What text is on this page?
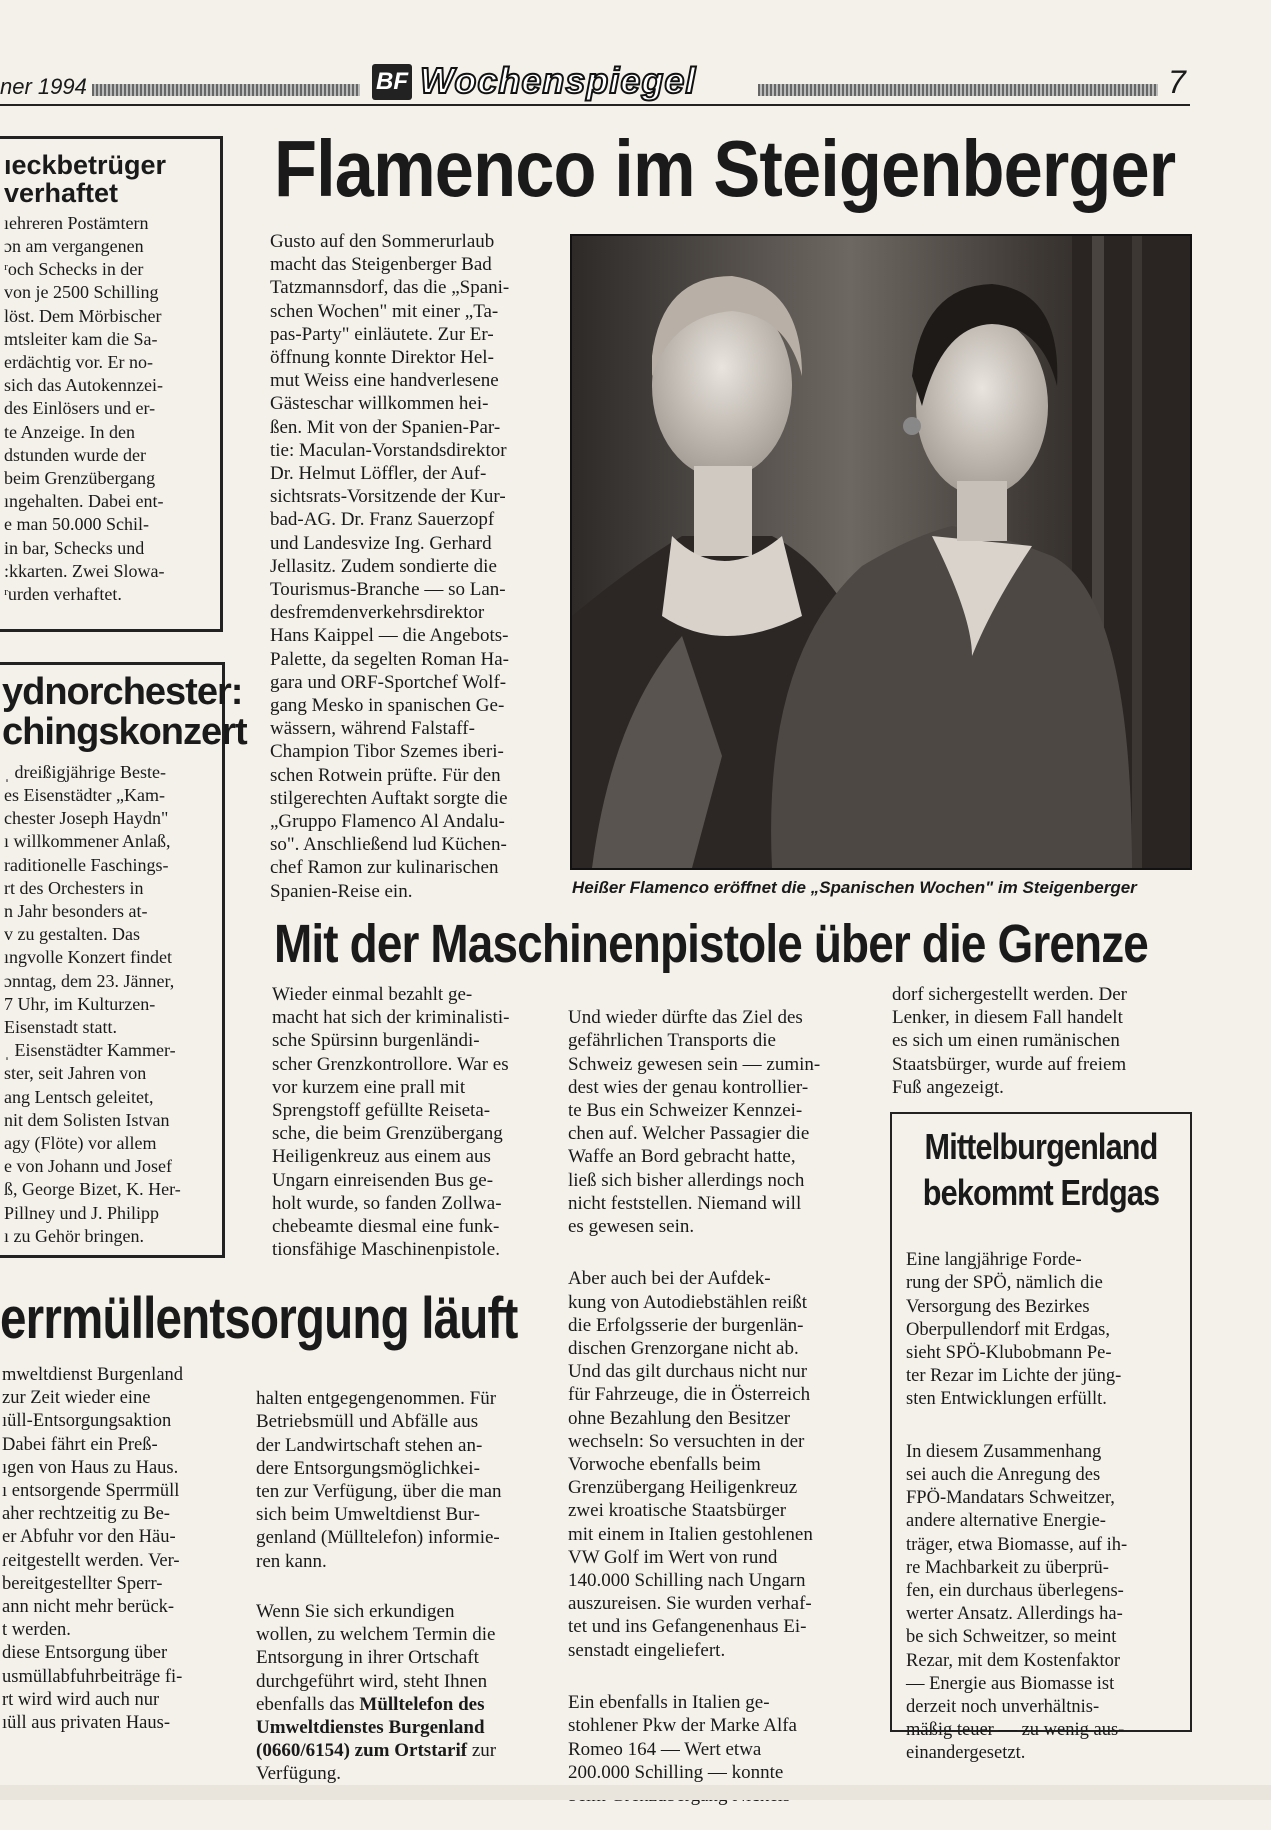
ner 1994	BF Wochenspiegel	7
ıeckbetrüger
verhaftet

ıehreren Postämtern
ɔn am vergangenen
ʳoch Schecks in der
von je 2500 Schilling
löst. Dem Mörbischer
mtsleiter kam die Sa-
erdächtig vor. Er no-
sich das Autokennzei-
des Einlösers und er-
te Anzeige. In den
dstunden wurde der
beim Grenzübergang
ıngehalten. Dabei ent-
e man 50.000 Schil-
in bar, Schecks und
:kkarten. Zwei Slowa-
ʳurden verhaftet.

ydnorchester:
chingskonzert

ˌ dreißigjährige Beste-
es Eisenstädter „Kam-
chester Joseph Haydn"
ı willkommener Anlaß,
raditionelle Faschings-
rt des Orchesters in
n Jahr besonders at-
v zu gestalten. Das
ıngvolle Konzert findet
ɔnntag, dem 23. Jänner,
7 Uhr, im Kulturzen-
Eisenstadt statt.
ˌ Eisenstädter Kammer-
ster, seit Jahren von
ang Lentsch geleitet,
nit dem Solisten Istvan
agy (Flöte) vor allem
e von Johann und Josef
ß, George Bizet, K. Her-
Pillney und J. Philipp
ı zu Gehör bringen.

Flamenco im Steigenberger
Gusto auf den Sommerurlaub
macht das Steigenberger Bad
Tatzmannsdorf, das die „Spani-
schen Wochen" mit einer „Ta-
pas-Party" einläutete. Zur Er-
öffnung konnte Direktor Hel-
mut Weiss eine handverlesene
Gästeschar willkommen hei-
ßen. Mit von der Spanien-Par-
tie: Maculan-Vorstandsdirektor
Dr. Helmut Löffler, der Auf-
sichtsrats-Vorsitzende der Kur-
bad-AG. Dr. Franz Sauerzopf
und Landesvize Ing. Gerhard
Jellasitz. Zudem sondierte die
Tourismus-Branche — so Lan-
desfremdenverkehrsdirektor
Hans Kaippel — die Angebots-
Palette, da segelten Roman Ha-
gara und ORF-Sportchef Wolf-
gang Mesko in spanischen Ge-
wässern, während Falstaff-
Champion Tibor Szemes iberi-
schen Rotwein prüfte. Für den
stilgerechten Auftakt sorgte die
„Gruppo Flamenco Al Andalu-
so". Anschließend lud Küchen-
chef Ramon zur kulinarischen
Spanien-Reise ein.	Heißer Flamenco eröffnet die „Spanischen Wochen" im Steigenberger
Mit der Maschinenpistole über die Grenze
Wieder einmal bezahlt ge-
macht hat sich der kriminalisti-
sche Spürsinn burgenländi-
scher Grenzkontrollore. War es
vor kurzem eine prall mit
Sprengstoff gefüllte Reiseta-
sche, die beim Grenzübergang
Heiligenkreuz aus einem aus
Ungarn einreisenden Bus ge-
holt wurde, so fanden Zollwa-
chebeamte diesmal eine funk-
tionsfähige Maschinenpistole.

Und wieder dürfte das Ziel des
gefährlichen Transports die
Schweiz gewesen sein — zumin-
dest wies der genau kontrollier-
te Bus ein Schweizer Kennzei-
chen auf. Welcher Passagier die
Waffe an Bord gebracht hatte,
ließ sich bisher allerdings noch
nicht feststellen. Niemand will
es gewesen sein.

Aber auch bei der Aufdek-
kung von Autodiebstählen reißt
die Erfolgsserie der burgenlän-
dischen Grenzorgane nicht ab.
Und das gilt durchaus nicht nur
für Fahrzeuge, die in Österreich
ohne Bezahlung den Besitzer
wechseln: So versuchten in der
Vorwoche ebenfalls beim
Grenzübergang Heiligenkreuz
zwei kroatische Staatsbürger
mit einem in Italien gestohlenen
VW Golf im Wert von rund
140.000 Schilling nach Ungarn
auszureisen. Sie wurden verhaf-
tet und ins Gefangenenhaus Ei-
senstadt eingeliefert.

Ein ebenfalls in Italien ge-
stohlener Pkw der Marke Alfa
Romeo 164 — Wert etwa
200.000 Schilling — konnte

dorf sichergestellt werden. Der
Lenker, in diesem Fall handelt
es sich um einen rumänischen
Staatsbürger, wurde auf freiem
Fuß angezeigt.
Mittelburgenland
bekommt Erdgas

Eine langjährige Forde-
rung der SPÖ, nämlich die
Versorgung des Bezirkes
Oberpullendorf mit Erdgas,
sieht SPÖ-Klubobmann Pe-
ter Rezar im Lichte der jüng-
sten Entwicklungen erfüllt.

In diesem Zusammenhang
sei auch die Anregung des
FPÖ-Mandatars Schweitzer,
andere alternative Energie-
träger, etwa Biomasse, auf ih-
re Machbarkeit zu überprü-
fen, ein durchaus überlegens-
werter Ansatz. Allerdings ha-
be sich Schweitzer, so meint
Rezar, mit dem Kostenfaktor
— Energie aus Biomasse ist
derzeit noch unverhältnis-
mäßig teuer — zu wenig aus-
einandergesetzt.

errmüllentsorgung läuft
mweltdienst Burgenland
zur Zeit wieder eine
ıüll-Entsorgungsaktion
Dabei fährt ein Preß-
ıgen von Haus zu Haus.
ı entsorgende Sperrmüll
aher rechtzeitig zu Be-
er Abfuhr vor den Häu-
ɾeitgestellt werden. Ver-
bereitgestellter Sperr-
ann nicht mehr berück-
t werden.
diese Entsorgung über
usmüllabfuhrbeiträge fi-
rt wird wird auch nur
ıüll aus privaten Haus-

halten entgegengenommen. Für
Betriebsmüll und Abfälle aus
der Landwirtschaft stehen an-
dere Entsorgungsmöglichkei-
ten zur Verfügung, über die man
sich beim Umweltdienst Bur-
genland (Mülltelefon) informie-
ren kann.

Wenn Sie sich erkundigen
wollen, zu welchem Termin die
Entsorgung in ihrer Ortschaft
durchgeführt wird, steht Ihnen
ebenfalls das Mülltelefon des
Umweltdienstes Burgenland
(0660/6154) zum Ortstarif zur
Verfügung.
